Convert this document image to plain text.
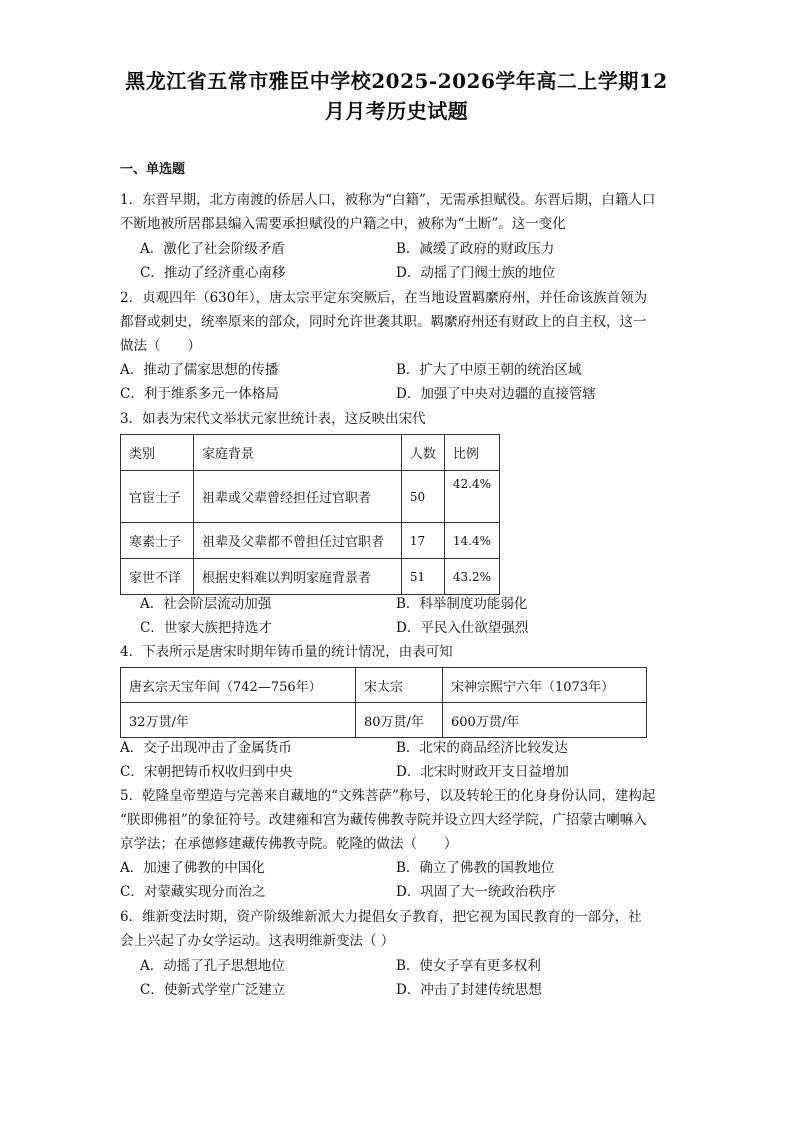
黑龙江省五常市雅臣中学校2025-2026学年高二上学期12
月月考历史试题
一、单选题

1．东晋早期，北方南渡的侨居人口，被称为“白籍”，无需承担赋役。东晋后期，白籍人口

不断地被所居郡县编入需要承担赋役的户籍之中，被称为“土断”。这一变化

A．激化了社会阶级矛盾	B．减缓了政府的财政压力
C．推动了经济重心南移	D．动摇了门阀士族的地位

2．贞观四年（630年），唐太宗平定东突厥后，在当地设置羁縻府州，并任命该族首领为

都督或刺史，统率原来的部众，同时允许世袭其职。羁縻府州还有财政上的自主权，这一

做法（　　）

A．推动了儒家思想的传播	B．扩大了中原王朝的统治区域
C．利于维系多元一体格局	D．加强了中央对边疆的直接管辖

3．如表为宋代文举状元家世统计表，这反映出宋代

类别	家庭背景	人数	比例
官宦士子	祖辈或父辈曾经担任过官职者	50	42.4%
寒素士子	祖辈及父辈都不曾担任过官职者	17	14.4%
家世不详	根据史料难以判明家庭背景者	51	43.2%
A．社会阶层流动加强	B．科举制度功能弱化
C．世家大族把持选才	D．平民入仕欲望强烈

4．下表所示是唐宋时期年铸币量的统计情况，由表可知

唐玄宗天宝年间（742—756年）	宋太宗	宋神宗熙宁六年（1073年）
32万贯/年	80万贯/年	600万贯/年
A．交子出现冲击了金属货币	B．北宋的商品经济比较发达
C．宋朝把铸币权收归到中央	D．北宋时财政开支日益增加

5．乾隆皇帝塑造与完善来自藏地的“文殊菩萨”称号，以及转轮王的化身身份认同，建构起

“朕即佛祖”的象征符号。改建雍和宫为藏传佛教寺院并设立四大经学院，广招蒙古喇嘛入

京学法；在承德修建藏传佛教寺院。乾隆的做法（　　）

A．加速了佛教的中国化	B．确立了佛教的国教地位
C．对蒙藏实现分而治之	D．巩固了大一统政治秩序

6．维新变法时期，资产阶级维新派大力提倡女子教育，把它视为国民教育的一部分，社

会上兴起了办女学运动。这表明维新变法（ ）

A．动摇了孔子思想地位	B．使女子享有更多权利
C．使新式学堂广泛建立	D．冲击了封建传统思想
